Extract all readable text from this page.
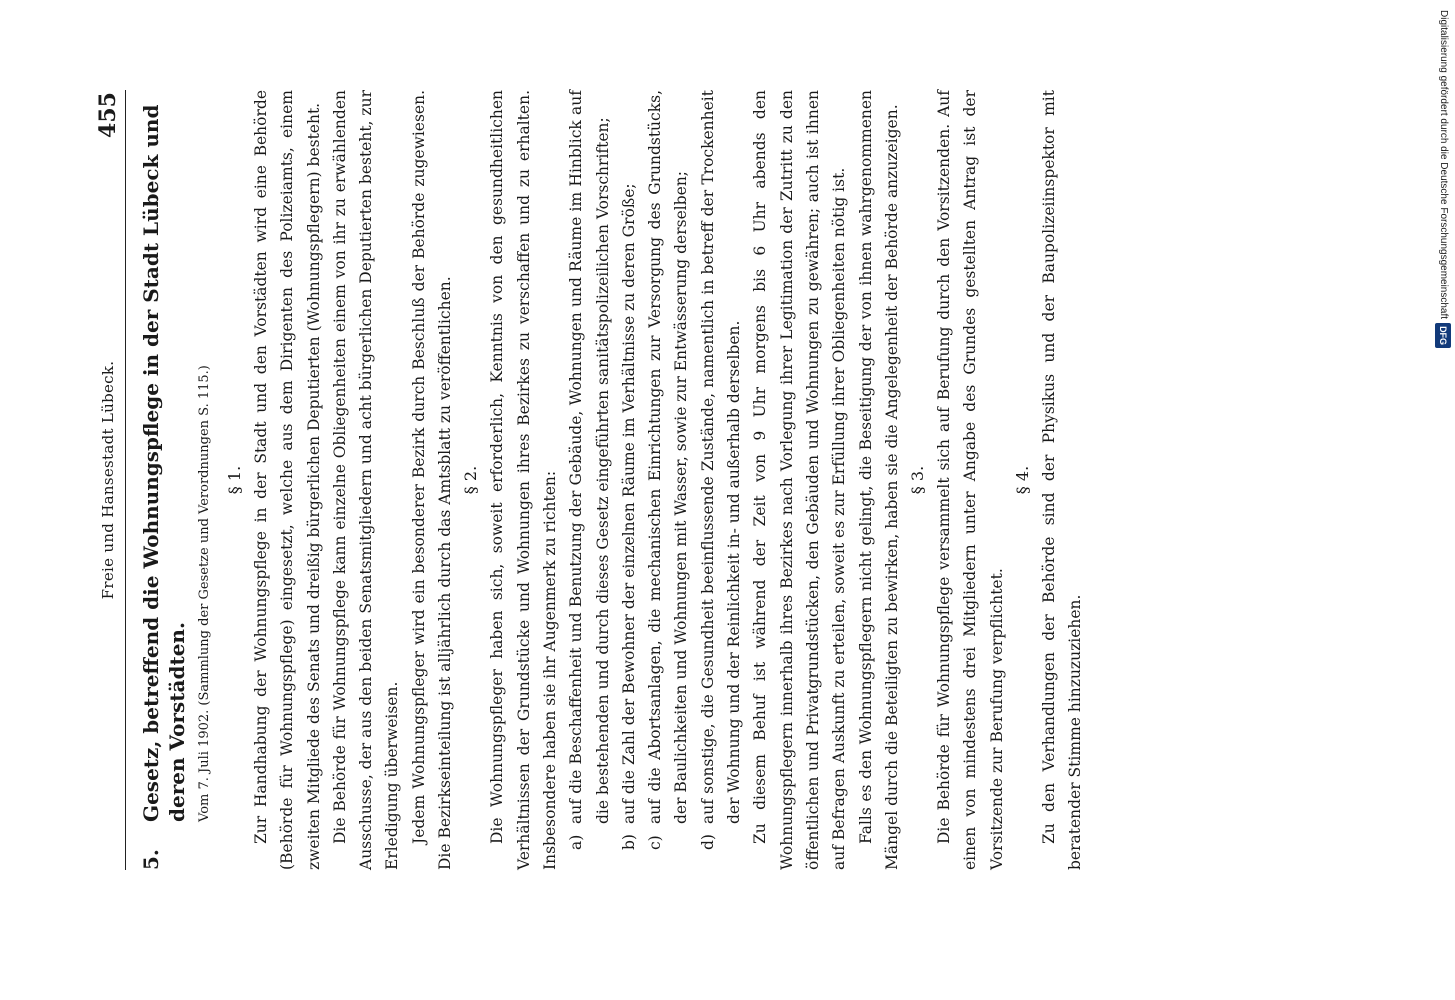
Freie und Hansestadt Lübeck.
455
5.
Gesetz, betreffend die Wohnungspflege in der Stadt Lübeck und deren Vorstädten. Vom 7. Juli 1902. (Sammlung der Gesetze und Verordnungen S. 115.) § 1. Zur Handhabung der Wohnungspflege in der Stadt und den Vorstädten wird eine Behörde (Behörde für Wohnungspflege) eingesetzt, welche aus dem Dirigenten des Polizeiamts, einem zweiten Mitgliede des Senats und dreißig bürgerlichen Deputierten (Wohnungspflegern) besteht. Die Behörde für Wohnungspflege kann einzelne Obliegenheiten einem von ihr zu erwählenden Ausschusse, der aus den beiden Senatsmitgliedern und acht bürgerlichen Deputierten besteht, zur Erledigung überweisen. Jedem Wohnungspfleger wird ein besonderer Bezirk durch Beschluß der Behörde zugewiesen. Die Bezirkseinteilung ist alljährlich durch das Amtsblatt zu veröffentlichen. § 2. Die Wohnungspfleger haben sich, soweit erforderlich, Kenntnis von den gesundheitlichen Verhältnissen der Grundstücke und Wohnungen ihres Bezirkes zu verschaffen und zu erhalten. Insbesondere haben sie ihr Augenmerk zu richten: a)
auf die Beschaffenheit und Benutzung der Gebäude, Wohnungen und Räume im Hinblick auf die bestehenden und durch dieses Gesetz eingeführten sanitätspolizeilichen Vorschriften;
b)
auf die Zahl der Bewohner der einzelnen Räume im Verhältnisse zu deren Größe;
c)
auf die Abortsanlagen, die mechanischen Einrichtungen zur Versorgung des Grundstücks, der Baulichkeiten und Wohnungen mit Wasser, sowie zur Entwässerung derselben;
d)
auf sonstige, die Gesundheit beeinflussende Zustände, namentlich in betreff der Trockenheit der Wohnung und der Reinlichkeit in- und außerhalb derselben. Zu diesem Behuf ist während der Zeit von 9 Uhr morgens bis 6 Uhr abends den Wohnungspflegern innerhalb ihres Bezirkes nach Vorlegung ihrer Legitimation der Zutritt zu den öffentlichen und Privatgrundstücken, den Gebäuden und Wohnungen zu gewähren; auch ist ihnen auf Befragen Auskunft zu erteilen, soweit es zur Erfüllung ihrer Obliegenheiten nötig ist. Falls es den Wohnungspflegern nicht gelingt, die Beseitigung der von ihnen wahrgenommenen Mängel durch die Beteiligten zu bewirken, haben sie die Angelegenheit der Behörde anzuzeigen. § 3. Die Behörde für Wohnungspflege versammelt sich auf Berufung durch den Vorsitzenden. Auf einen von mindestens drei Mitgliedern unter Angabe des Grundes gestellten Antrag ist der Vorsitzende zur Berufung verpflichtet.

§ 4. Zu den Verhandlungen der Behörde sind der Physikus und der Baupolizeiinspektor mit beratender Stimme hinzuzuziehen.

Digitalisierung gefördert durch die Deutsche Forschungsgemeinschaft
DFG
